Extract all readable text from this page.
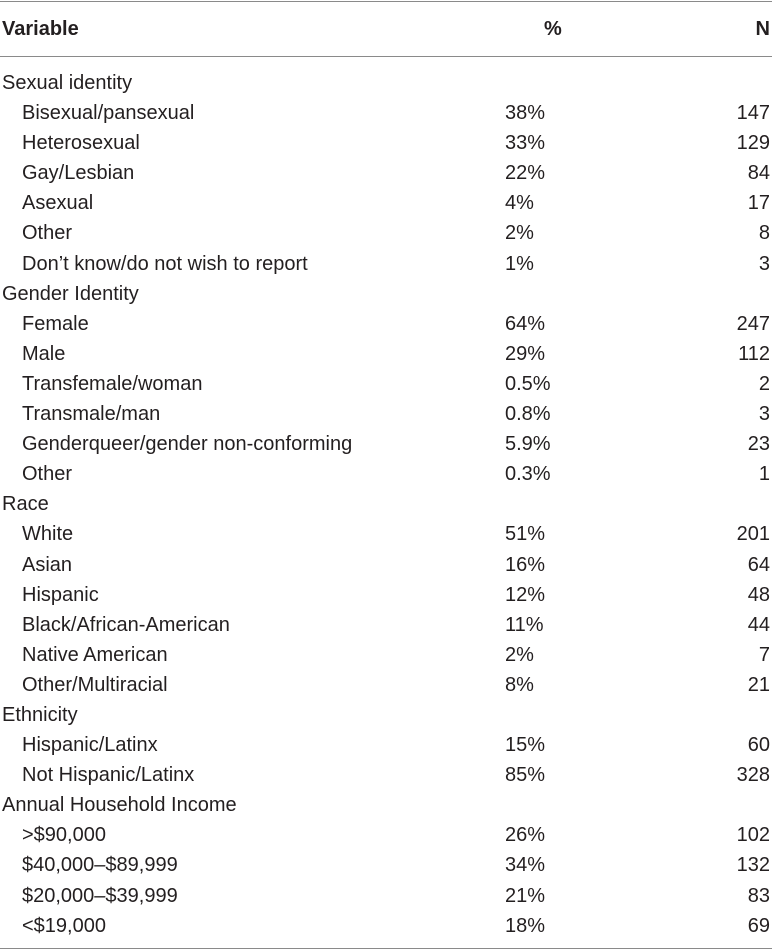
Variable	%	N
Sexual identity
Bisexual/pansexual	38%	147
Heterosexual	33%	129
Gay/Lesbian	22%	84
Asexual	4%	17
Other	2%	8
Don’t know/do not wish to report	1%	3
Gender Identity
Female	64%	247
Male	29%	112
Transfemale/woman	0.5%	2
Transmale/man	0.8%	3
Genderqueer/gender non-conforming	5.9%	23
Other	0.3%	1
Race
White	51%	201
Asian	16%	64
Hispanic	12%	48
Black/African-American	11%	44
Native American	2%	7
Other/Multiracial	8%	21
Ethnicity
Hispanic/Latinx	15%	60
Not Hispanic/Latinx	85%	328
Annual Household Income
>$90,000	26%	102
$40,000–$89,999	34%	132
$20,000–$39,999	21%	83
<$19,000	18%	69
